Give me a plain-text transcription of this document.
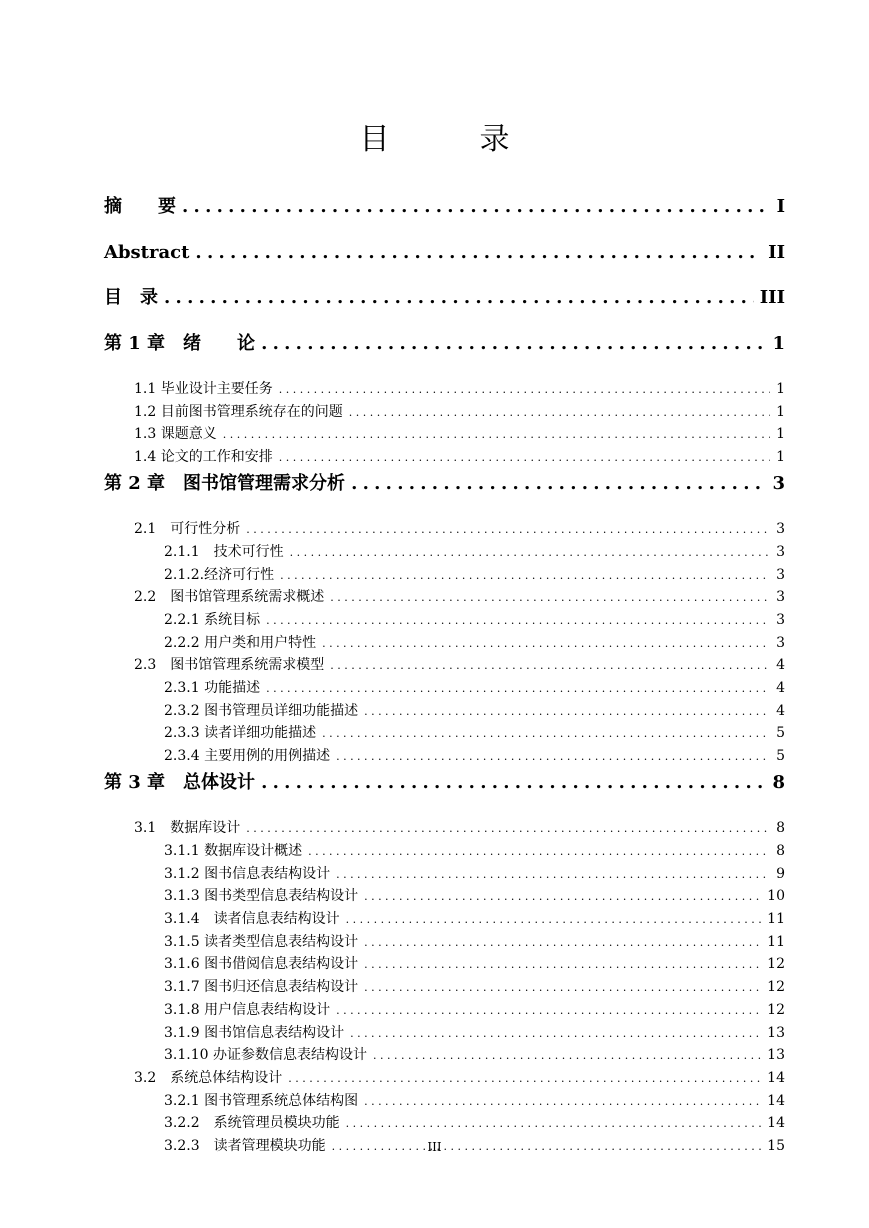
目　录
摘　　要 . . .	I
Abstract . . .	II
目　录 . . .	III
第 1 章　绪　　论 . . .	1
1.1 毕业设计主要任务 . . .	1
1.2 目前图书管理系统存在的问题 . . .	1
1.3 课题意义 . . .	1
1.4 论文的工作和安排 . . .	1
第 2 章　图书馆管理需求分析 . . .	3
2.1　可行性分析 . . .	3
2.1.1　技术可行性 . . .	3
2.1.2.经济可行性 . . .	3
2.2　图书馆管理系统需求概述 . . .	3
2.2.1 系统目标 . . .	3
2.2.2 用户类和用户特性 . . .	3
2.3　图书馆管理系统需求模型 . . .	4
2.3.1 功能描述 . . .	4
2.3.2 图书管理员详细功能描述 . . .	4
2.3.3 读者详细功能描述 . . .	5
2.3.4 主要用例的用例描述 . . .	5
第 3 章　总体设计 . . .	8
3.1　数据库设计 . . .	8
3.1.1 数据库设计概述 . . .	8
3.1.2 图书信息表结构设计 . . .	9
3.1.3 图书类型信息表结构设计 . . .	10
3.1.4　读者信息表结构设计 . . .	11
3.1.5 读者类型信息表结构设计 . . .	11
3.1.6 图书借阅信息表结构设计 . . .	12
3.1.7 图书归还信息表结构设计 . . .	12
3.1.8 用户信息表结构设计 . . .	12
3.1.9 图书馆信息表结构设计 . . .	13
3.1.10 办证参数信息表结构设计 . . .	13
3.2　系统总体结构设计 . . .	14
3.2.1 图书管理系统总体结构图 . . .	14
3.2.2　系统管理员模块功能 . . .	14
3.2.3　读者管理模块功能 . . .	15
III
